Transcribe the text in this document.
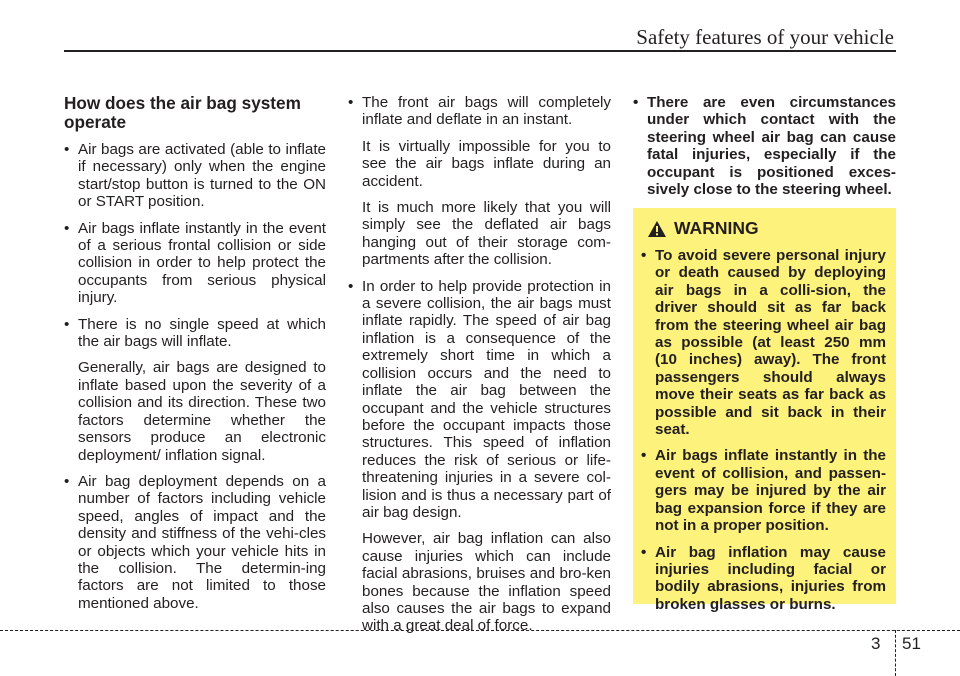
Safety features of your vehicle
How does the air bag system operate

• Air bags are activated (able to inflate if necessary) only when the engine start/stop button is turned to the ON or START position.

• Air bags inflate instantly in the event of a serious frontal collision or side collision in order to help protect the occupants from serious physical injury.

• There is no single speed at which the air bags will inflate.

Generally, air bags are designed to inflate based upon the severity of a collision and its direction. These two factors determine whether the sensors produce an electronic deployment/ inflation signal.

• Air bag deployment depends on a number of factors including vehicle speed, angles of impact and the density and stiffness of the vehi-cles or objects which your vehicle hits in the collision. The determin-ing factors are not limited to those mentioned above.

• The front air bags will completely inflate and deflate in an instant.

It is virtually impossible for you to see the air bags inflate during an accident.

It is much more likely that you will simply see the deflated air bags hanging out of their storage com-partments after the collision.

• In order to help provide protection in a severe collision, the air bags must inflate rapidly. The speed of air bag inflation is a consequence of the extremely short time in which a collision occurs and the need to inflate the air bag between the occupant and the vehicle structures before the occupant impacts those structures. This speed of inflation reduces the risk of serious or life-threatening injuries in a severe col-lision and is thus a necessary part of air bag design.

However, air bag inflation can also cause injuries which can include facial abrasions, bruises and bro-ken bones because the inflation speed also causes the air bags to expand with a great deal of force.

• There are even circumstances under which contact with the steering wheel air bag can cause fatal injuries, especially if the occupant is positioned exces-sively close to the steering wheel.

WARNING
• To avoid severe personal injury or death caused by deploying air bags in a colli-sion, the driver should sit as far back from the steering wheel air bag as possible (at least 250 mm (10 inches) away). The front passengers should always move their seats as far back as possible and sit back in their seat.
• Air bags inflate instantly in the event of collision, and passen-gers may be injured by the air bag expansion force if they are not in a proper position.
• Air bag inflation may cause injuries including facial or bodily abrasions, injuries from broken glasses or burns.
3 51
